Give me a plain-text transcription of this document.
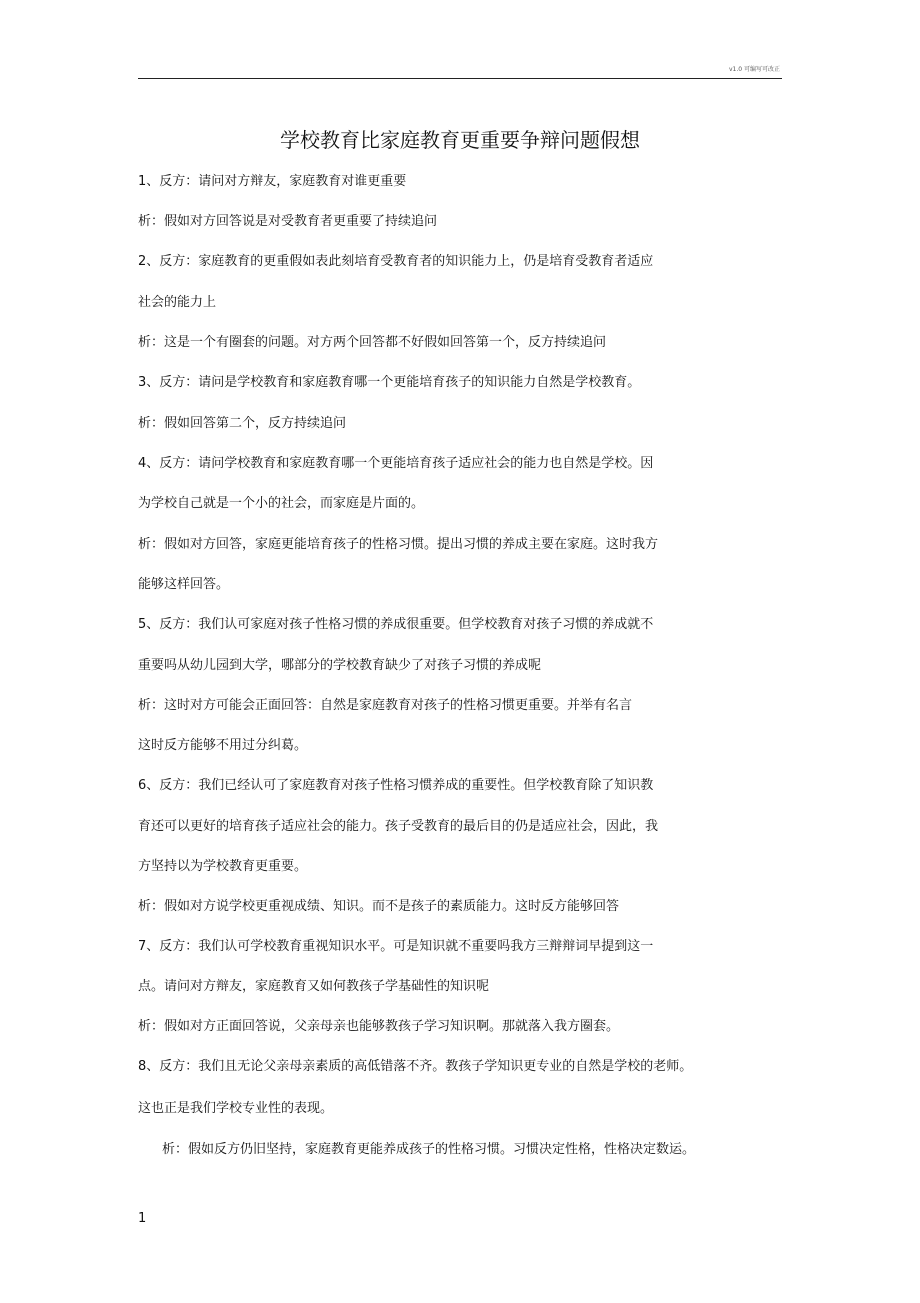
v1.0 可编写可改正
学校教育比家庭教育更重要争辩问题假想
1、反方：请问对方辩友，家庭教育对谁更重要
析：假如对方回答说是对受教育者更重要了持续追问
2、反方：家庭教育的更重假如表此刻培育受教育者的知识能力上，仍是培育受教育者适应
社会的能力上
析：这是一个有圈套的问题。对方两个回答都不好假如回答第一个，反方持续追问
3、反方：请问是学校教育和家庭教育哪一个更能培育孩子的知识能力自然是学校教育。
析：假如回答第二个，反方持续追问
4、反方：请问学校教育和家庭教育哪一个更能培育孩子适应社会的能力也自然是学校。因
为学校自己就是一个小的社会，而家庭是片面的。
析：假如对方回答，家庭更能培育孩子的性格习惯。提出习惯的养成主要在家庭。这时我方
能够这样回答。
5、反方：我们认可家庭对孩子性格习惯的养成很重要。但学校教育对孩子习惯的养成就不
重要吗从幼儿园到大学，哪部分的学校教育缺少了对孩子习惯的养成呢
析：这时对方可能会正面回答：自然是家庭教育对孩子的性格习惯更重要。并举有名言
这时反方能够不用过分纠葛。
6、反方：我们已经认可了家庭教育对孩子性格习惯养成的重要性。但学校教育除了知识教
育还可以更好的培育孩子适应社会的能力。孩子受教育的最后目的仍是适应社会，因此，我
方坚持以为学校教育更重要。
析：假如对方说学校更重视成绩、知识。而不是孩子的素质能力。这时反方能够回答
7、反方：我们认可学校教育重视知识水平。可是知识就不重要吗我方三辩辩词早提到这一
点。请问对方辩友，家庭教育又如何教孩子学基础性的知识呢
析：假如对方正面回答说，父亲母亲也能够教孩子学习知识啊。那就落入我方圈套。
8、反方：我们且无论父亲母亲素质的高低错落不齐。教孩子学知识更专业的自然是学校的老师。
这也正是我们学校专业性的表现。
析：假如反方仍旧坚持，家庭教育更能养成孩子的性格习惯。习惯决定性格，性格决定数运。
1
